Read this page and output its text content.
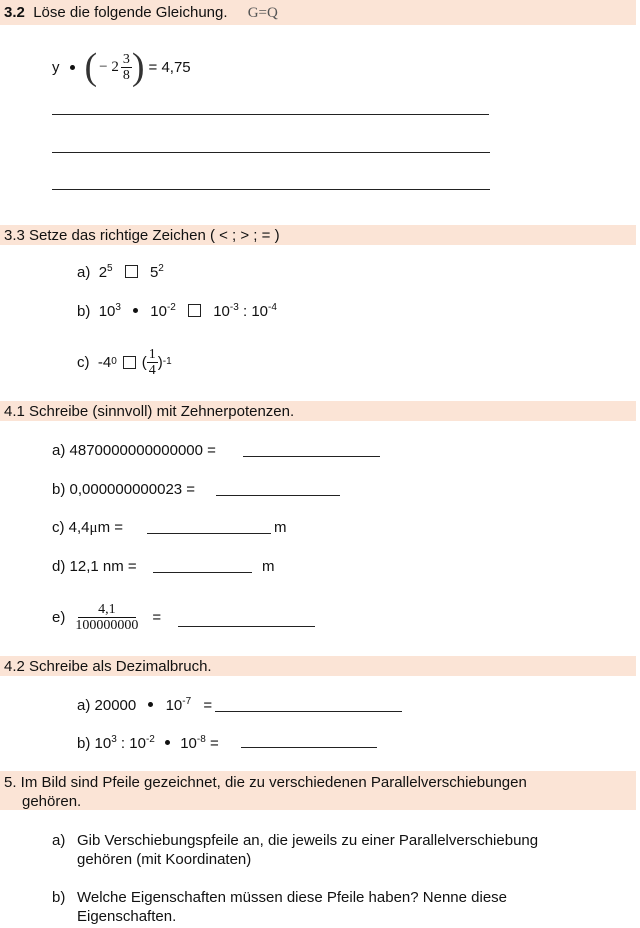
3.2 Löse die folgende Gleichung. G=Q
y ( − $2 \frac{3}{8}$ ) = 4,75
3.3 Setze das richtige Zeichen ( < ; > ; = )
a) $2^5$ $5^2$
b) $10^3$ $10^{-2}$ $10^{-3}$ : $10^{-4}$
c)
-4 0 ( $\frac{1}{4}$ ) -1
4.1 Schreibe (sinnvoll) mit Zehnerpotenzen.
a) 4870000000000000 =
b) 0,000000000023 =
c) 4,4μm =	m
d) 12,1 nm =	m
$e) \frac{4,1}{100000000}$ =
4.2 Schreibe als Dezimalbruch.
a) 20000 $10^{-7}$ =
b) $10^3$ : $10^{-2}$ $10^{-8}$ =
5. Im Bild sind Pfeile gezeichnet, die zu verschiedenen Parallelverschiebungen
gehören.
a) Gib Verschiebungspfeile an, die jeweils zu einer Parallelverschiebung
gehören (mit Koordinaten)
b) Welche Eigenschaften müssen diese Pfeile haben? Nenne diese
Eigenschaften.
